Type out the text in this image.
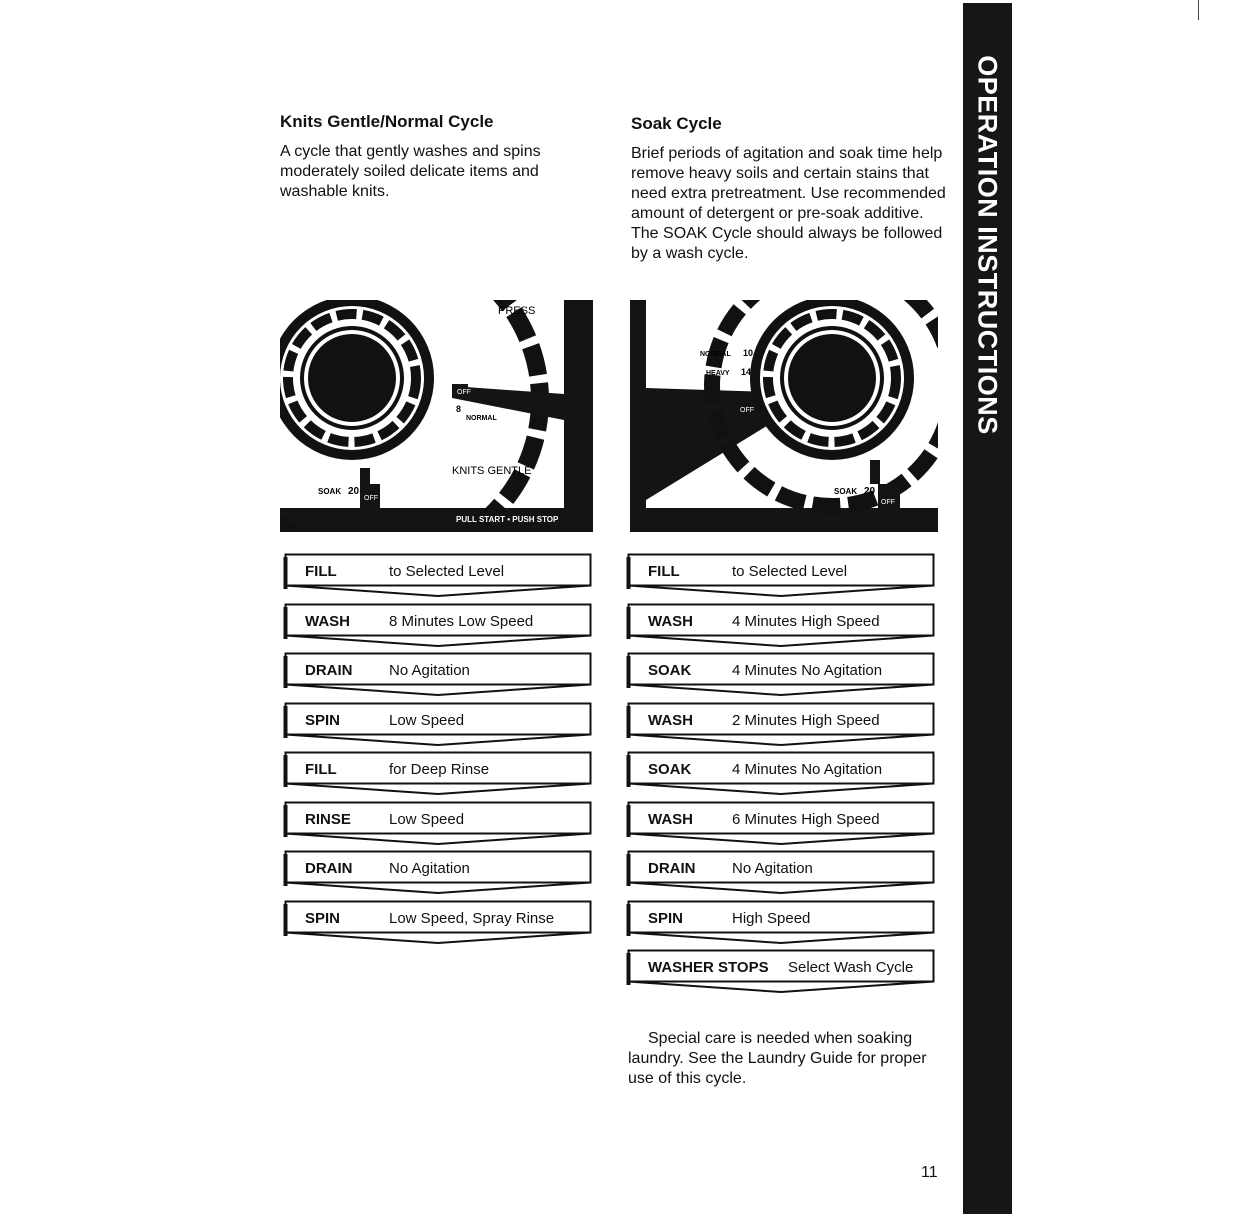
OPERATION INSTRUCTIONS

Knits Gentle/Normal Cycle

A cycle that gently washes and spins moderately soiled delicate items and washable knits.

Soak Cycle

Brief periods of agitation and soak time help remove heavy soils and certain stains that need extra pretreatment. Use recommended amount of detergent or pre-soak additive. The SOAK Cycle should always be followed by a wash cycle.

PRESS
OFF
8
NORMAL
KNITS GENTLE
SOAK 20
OFF
PULL START • PUSH STOP
NORMAL 10
HEAVY 14
OFF
SOAK 20
OFF
FILL	to Selected Level
WASH	8 Minutes Low Speed
DRAIN No Agitation
SPIN	Low Speed
FILL	for Deep Rinse
RINSE	Low Speed
DRAIN No Agitation
SPIN	Low Speed, Spray Rinse
FILL	to Selected Level
WASH	4 Minutes High Speed
SOAK	4 Minutes No Agitation
WASH	2 Minutes High Speed
SOAK	4 Minutes No Agitation
WASH	6 Minutes High Speed
DRAIN No Agitation
SPIN	High Speed
WASHER STOPS Select Wash Cycle

Special care is needed when soaking laundry. See the Laundry Guide for proper use of this cycle.

11
